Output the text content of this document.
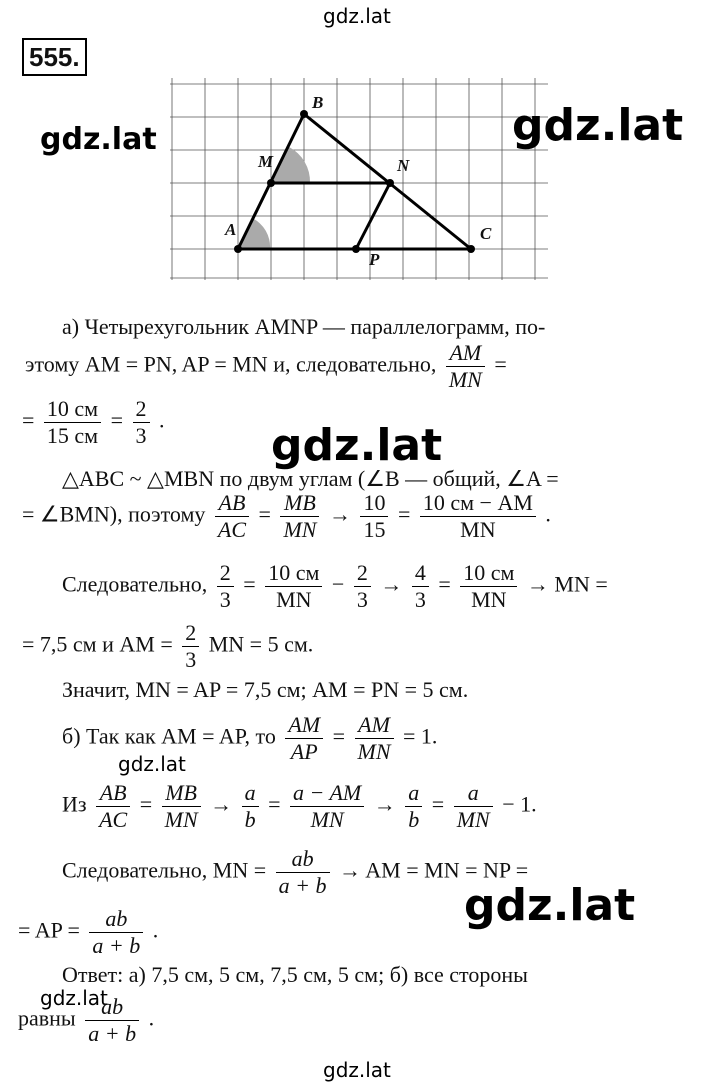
gdz.lat
555.
B
M	N
A	C
P
gdz.lat	gdz.lat
а) Четырехугольник AMNP — параллелограмм, по-
этому AM = PN, AP = MN и, следовательно, $\frac{AM}{MN}$ =
= $\frac{10 см}{15 см} = \frac{2}{3}$ . gdz.lat
△ABC ~ △MBN по двум углам (∠B — общий, ∠A =
= ∠BMN), поэтому $\frac{AB}{AC} = \frac{MB}{MN} \to \frac{10}{15} = \frac{10 см - AM}{MN}$ .
Следовательно, $\frac{2}{3} = \frac{10 см}{MN} - \frac{2}{3} \to \frac{4}{3} = \frac{10 см}{MN}$ → MN =
= 7,5 см и AM = $\frac{2}{3}$ MN = 5 см.
Значит, MN = AP = 7,5 см; AM = PN = 5 см.
б) Так как AM = AP, то $\frac{AM}{AP} = \frac{AM}{MN} = 1$.
gdz.lat
Из $\frac{AB}{AC} = \frac{MB}{MN} \to \frac{a}{b} = \frac{a - AM}{MN} \to \frac{a}{b} = \frac{a}{MN} - 1$.
Следовательно, MN = $\frac{ab}{a + b}$ → AM = MN = NP =
gdz.lat
= AP = $\frac{ab}{a + b}$ .
Ответ: а) 7,5 см, 5 см, 7,5 см, 5 см; б) все стороны
gdz.lat
равны $\frac{ab}{a + b}$ .
gdz.lat
